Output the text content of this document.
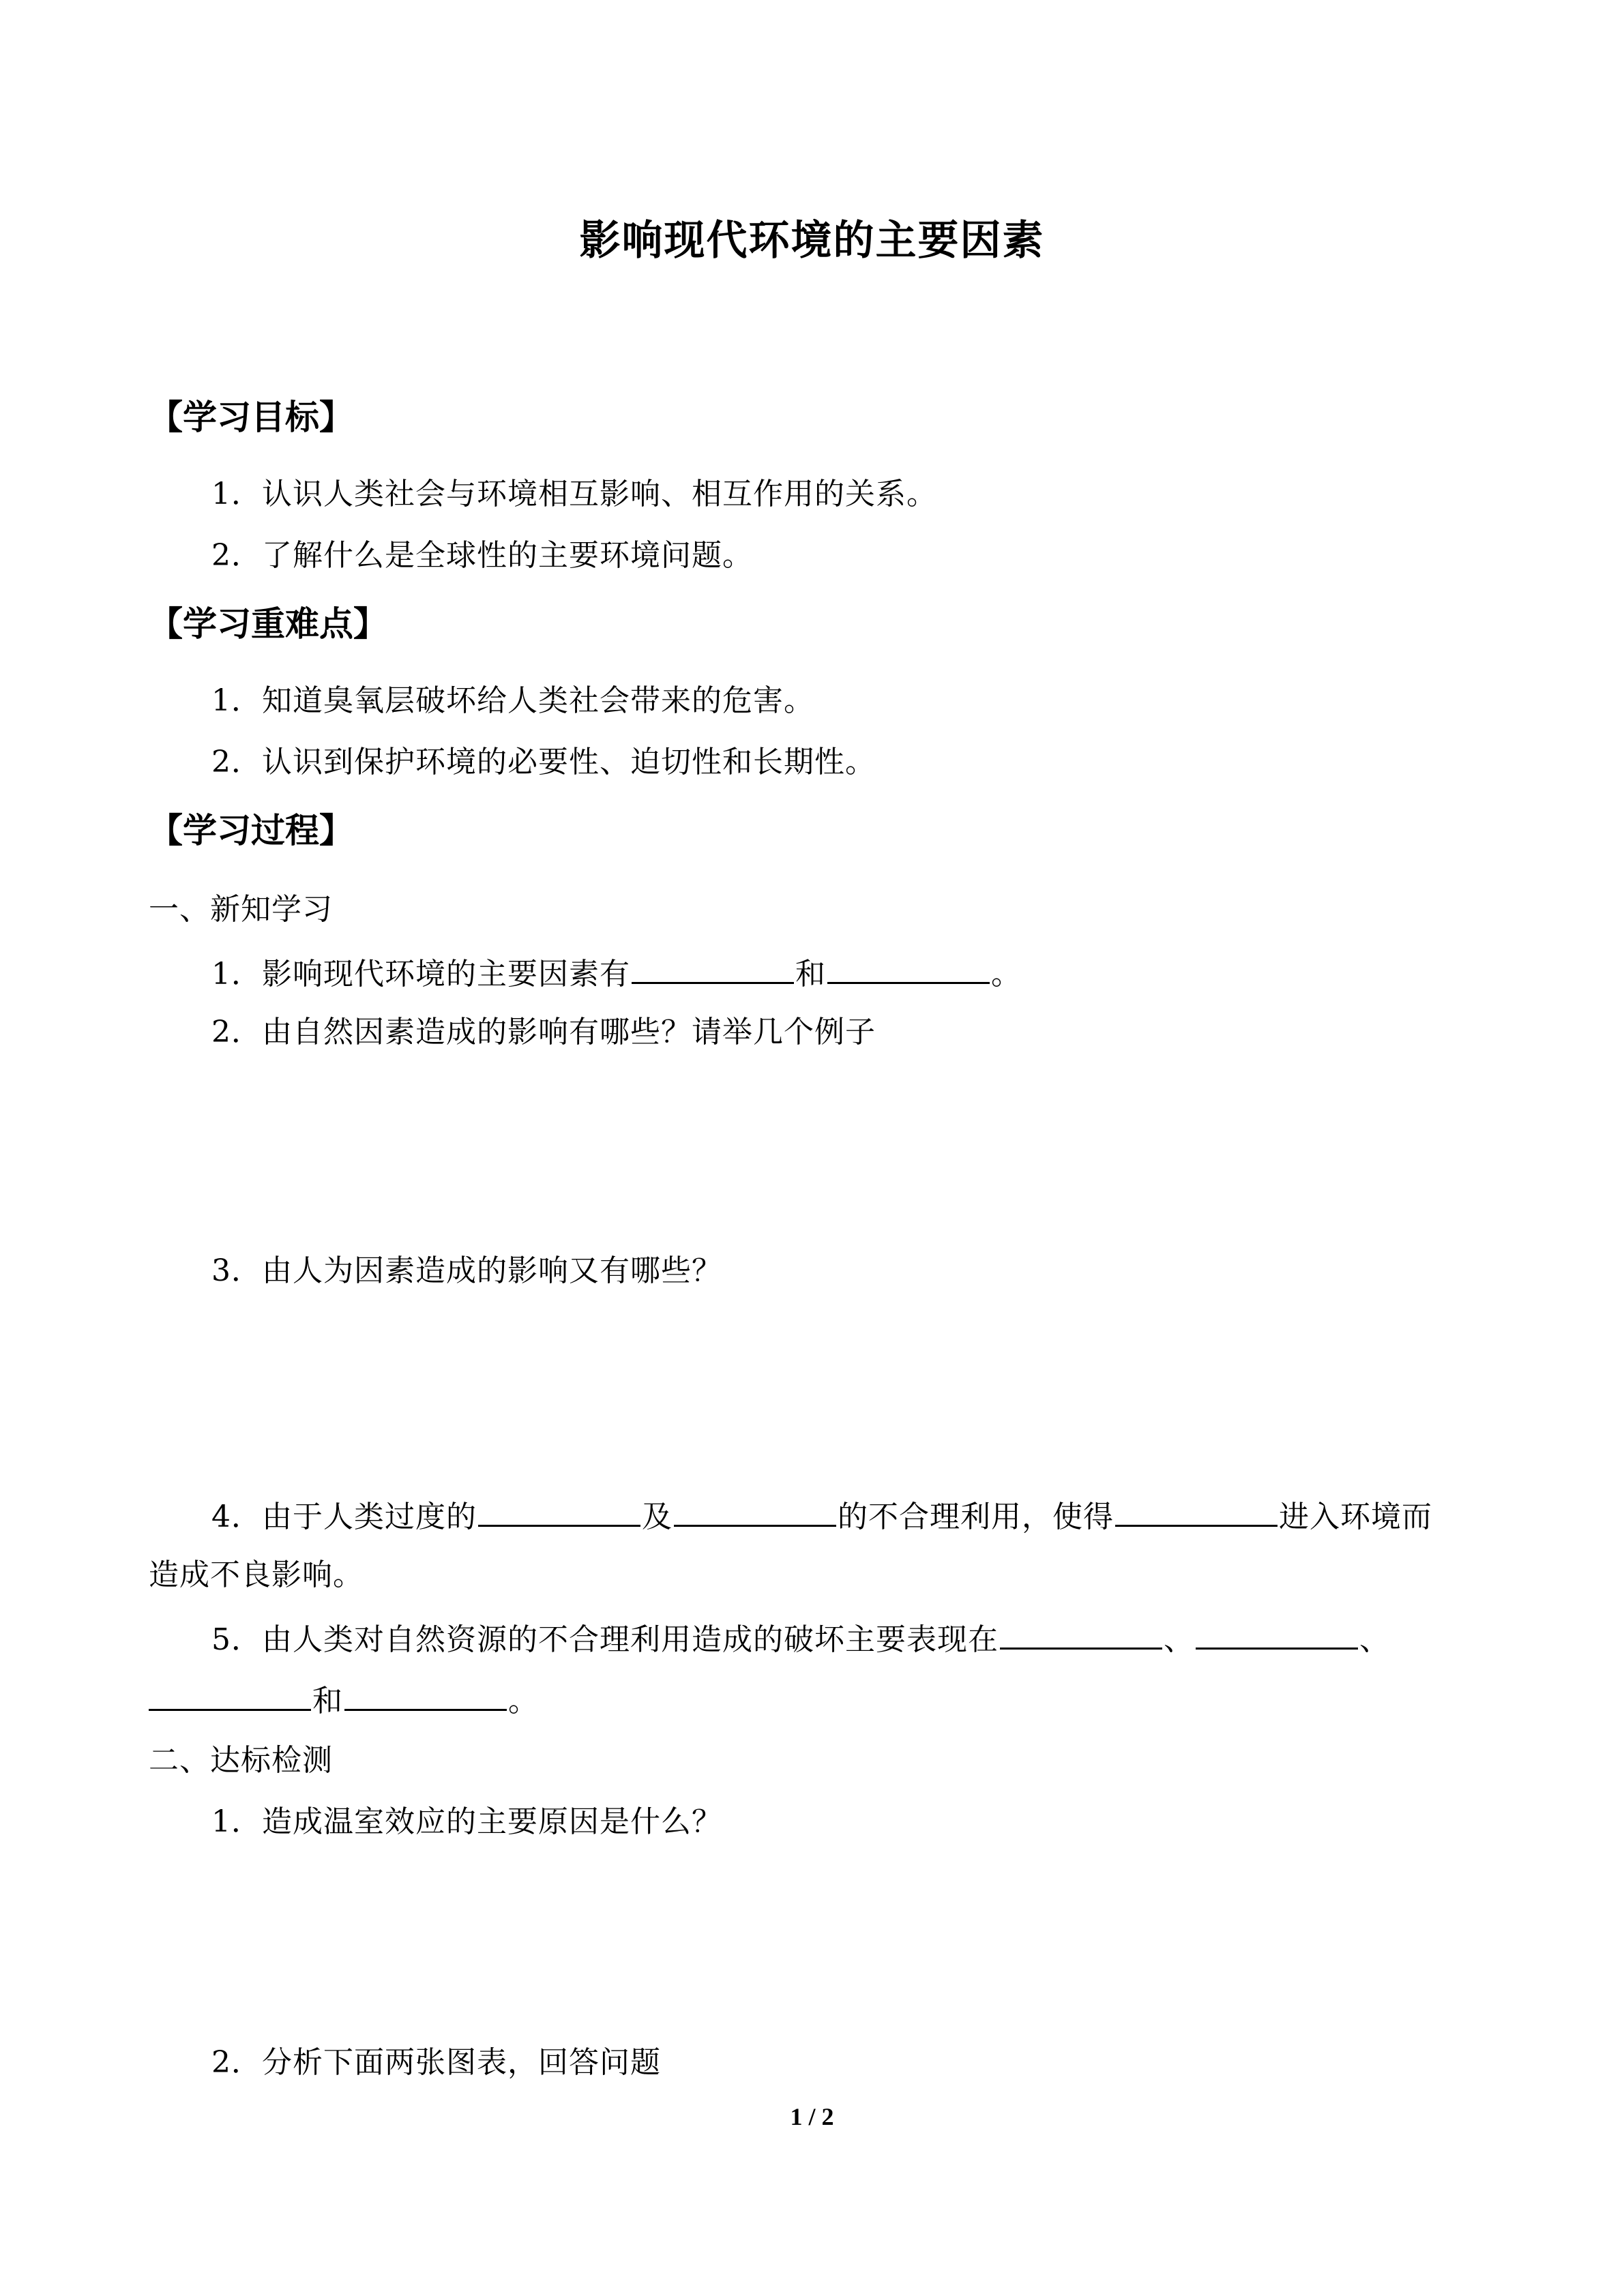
影响现代环境的主要因素
【学习目标】
1．认识人类社会与环境相互影响、相互作用的关系。
2．了解什么是全球性的主要环境问题。
【学习重难点】
1．知道臭氧层破坏给人类社会带来的危害。
2．认识到保护环境的必要性、迫切性和长期性。
【学习过程】
一、新知学习
1．影响现代环境的主要因素有	和	。
2．由自然因素造成的影响有哪些？请举几个例子
3．由人为因素造成的影响又有哪些？
4．由于人类过度的	及	的不合理利用，使得	进入环境而
造成不良影响。
5．由人类对自然资源的不合理利用造成的破坏主要表现在	、	、
和	。
二、达标检测
1．造成温室效应的主要原因是什么？
2．分析下面两张图表，回答问题
1 / 2
